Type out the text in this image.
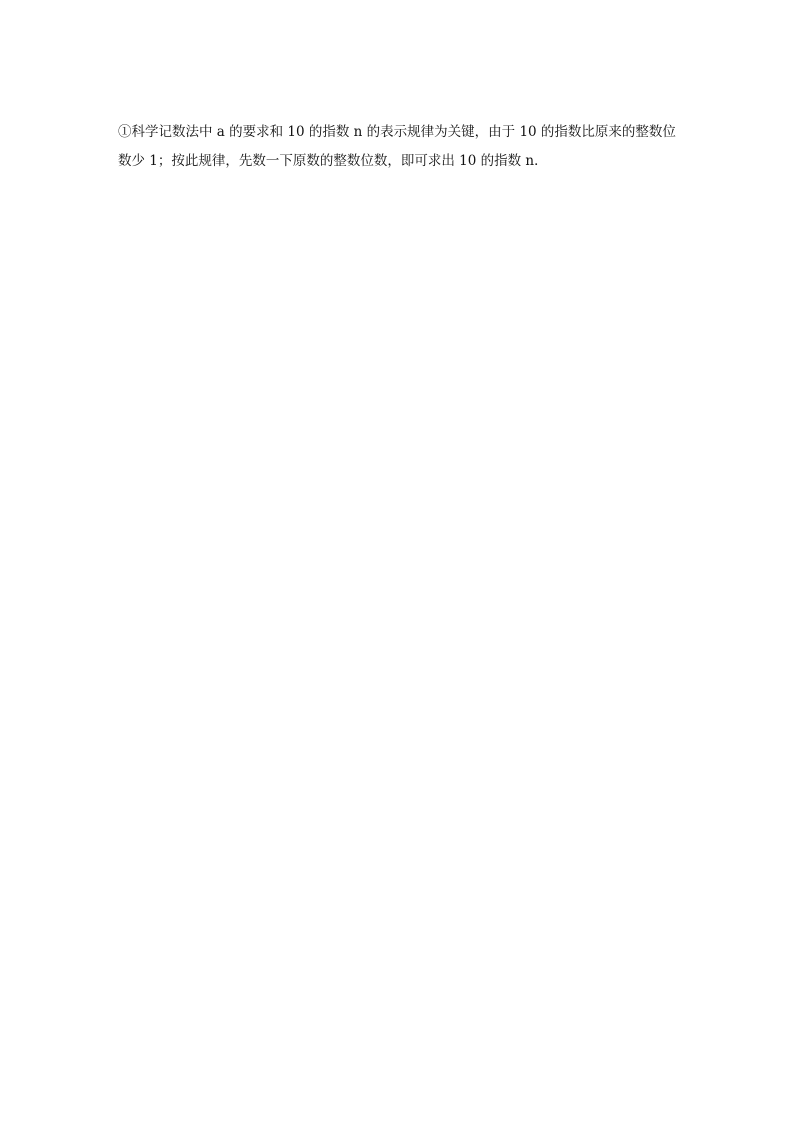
①科学记数法中 a 的要求和 10 的指数 n 的表示规律为关键，由于 10 的指数比原来的整数位
数少 1；按此规律，先数一下原数的整数位数，即可求出 10 的指数 n．
